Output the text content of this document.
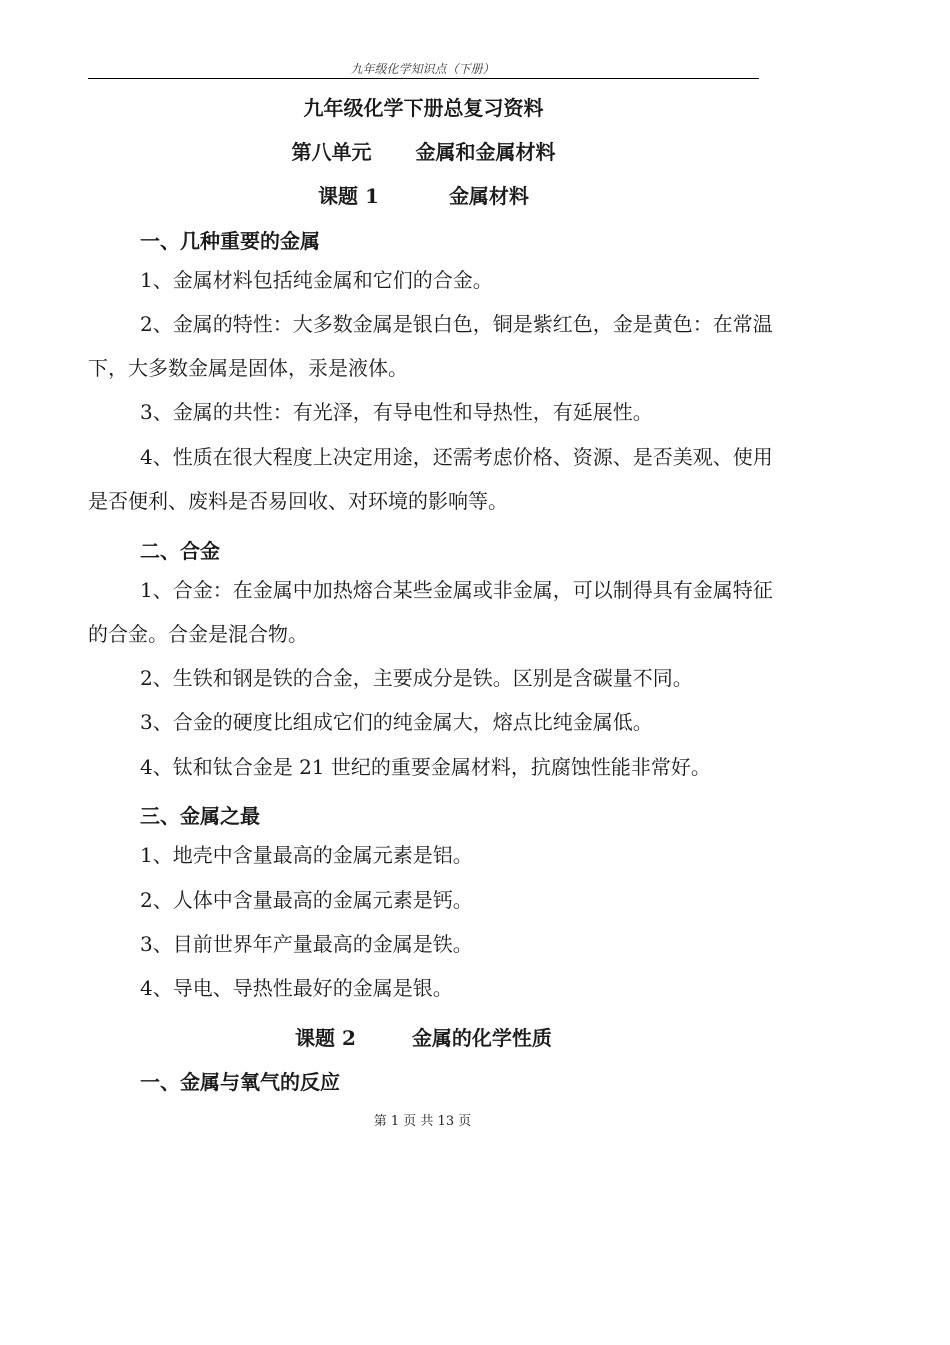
九年级化学知识点（下册）
九年级化学下册总复习资料
第八单元 金属和金属材料
课题 1	金属材料
一、几种重要的金属
1、金属材料包括纯金属和它们的合金。
2、金属的特性：大多数金属是银白色，铜是紫红色，金是黄色：在常温
下，大多数金属是固体，汞是液体。
3、金属的共性：有光泽，有导电性和导热性，有延展性。
4、性质在很大程度上决定用途，还需考虑价格、资源、是否美观、使用
是否便利、废料是否易回收、对环境的影响等。
二、合金
1、合金：在金属中加热熔合某些金属或非金属，可以制得具有金属特征
的合金。合金是混合物。
2、生铁和钢是铁的合金，主要成分是铁。区别是含碳量不同。
3、合金的硬度比组成它们的纯金属大，熔点比纯金属低。
4、钛和钛合金是 21 世纪的重要金属材料，抗腐蚀性能非常好。
三、金属之最
1、地壳中含量最高的金属元素是铝。
2、人体中含量最高的金属元素是钙。
3、目前世界年产量最高的金属是铁。
4、导电、导热性最好的金属是银。
课题 2	金属的化学性质
一、金属与氧气的反应
第 1 页 共 13 页
